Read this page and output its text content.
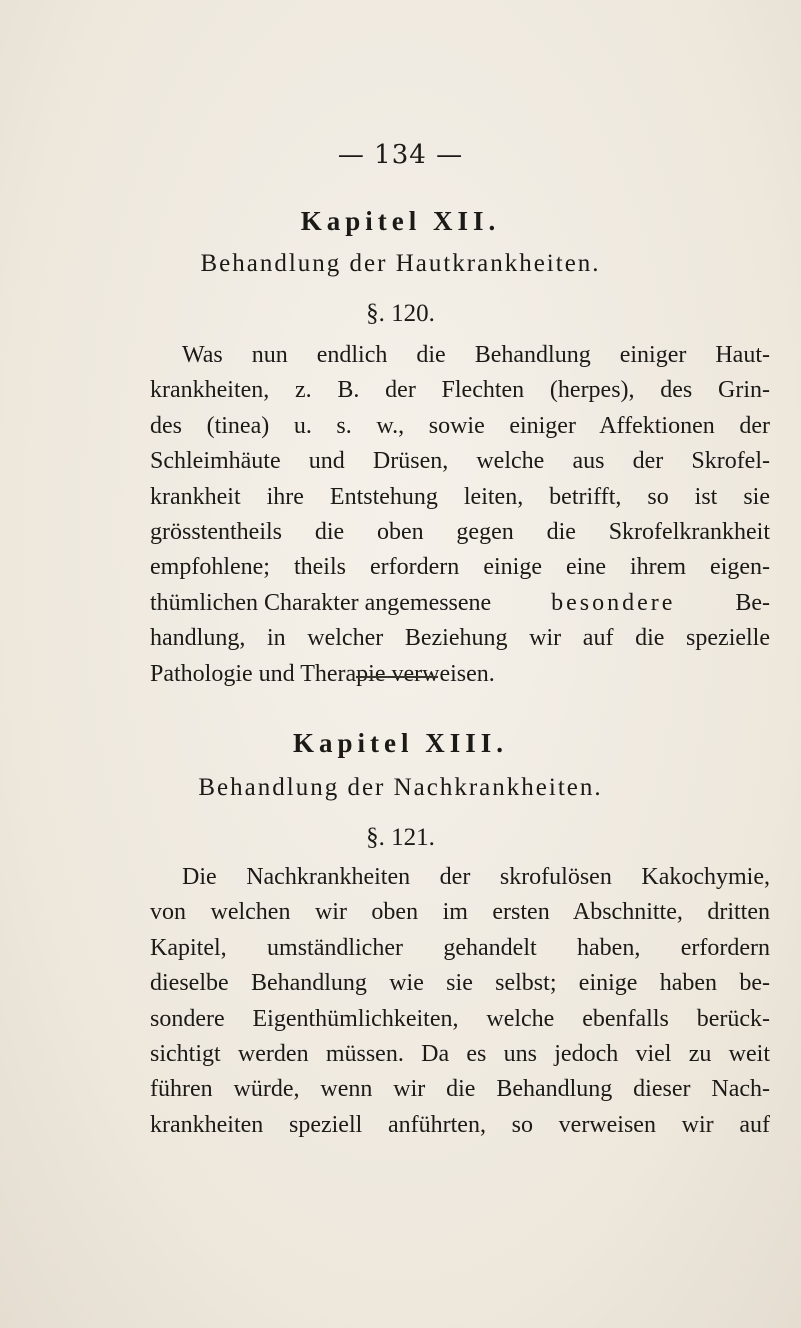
— 134 —
Kapitel XII.
Behandlung der Hautkrankheiten.
§. 120.
Was nun endlich die Behandlung einiger Haut-
krankheiten, z. B. der Flechten (herpes), des Grin-
des (tinea) u. s. w., sowie einiger Affektionen der
Schleimhäute und Drüsen, welche aus der Skrofel-
krankheit ihre Entstehung leiten, betrifft, so ist sie
grösstentheils die oben gegen die Skrofelkrankheit
empfohlene; theils erfordern einige eine ihrem eigen-
thümlichen Charakter angemessene besondere Be-
handlung, in welcher Beziehung wir auf die spezielle
Pathologie und Therapie verweisen.
Kapitel XIII.
Behandlung der Nachkrankheiten.
§. 121.
Die Nachkrankheiten der skrofulösen Kakochymie,
von welchen wir oben im ersten Abschnitte, dritten
Kapitel, umständlicher gehandelt haben, erfordern
dieselbe Behandlung wie sie selbst; einige haben be-
sondere Eigenthümlichkeiten, welche ebenfalls berück-
sichtigt werden müssen. Da es uns jedoch viel zu weit
führen würde, wenn wir die Behandlung dieser Nach-
krankheiten speziell anführten, so verweisen wir auf
